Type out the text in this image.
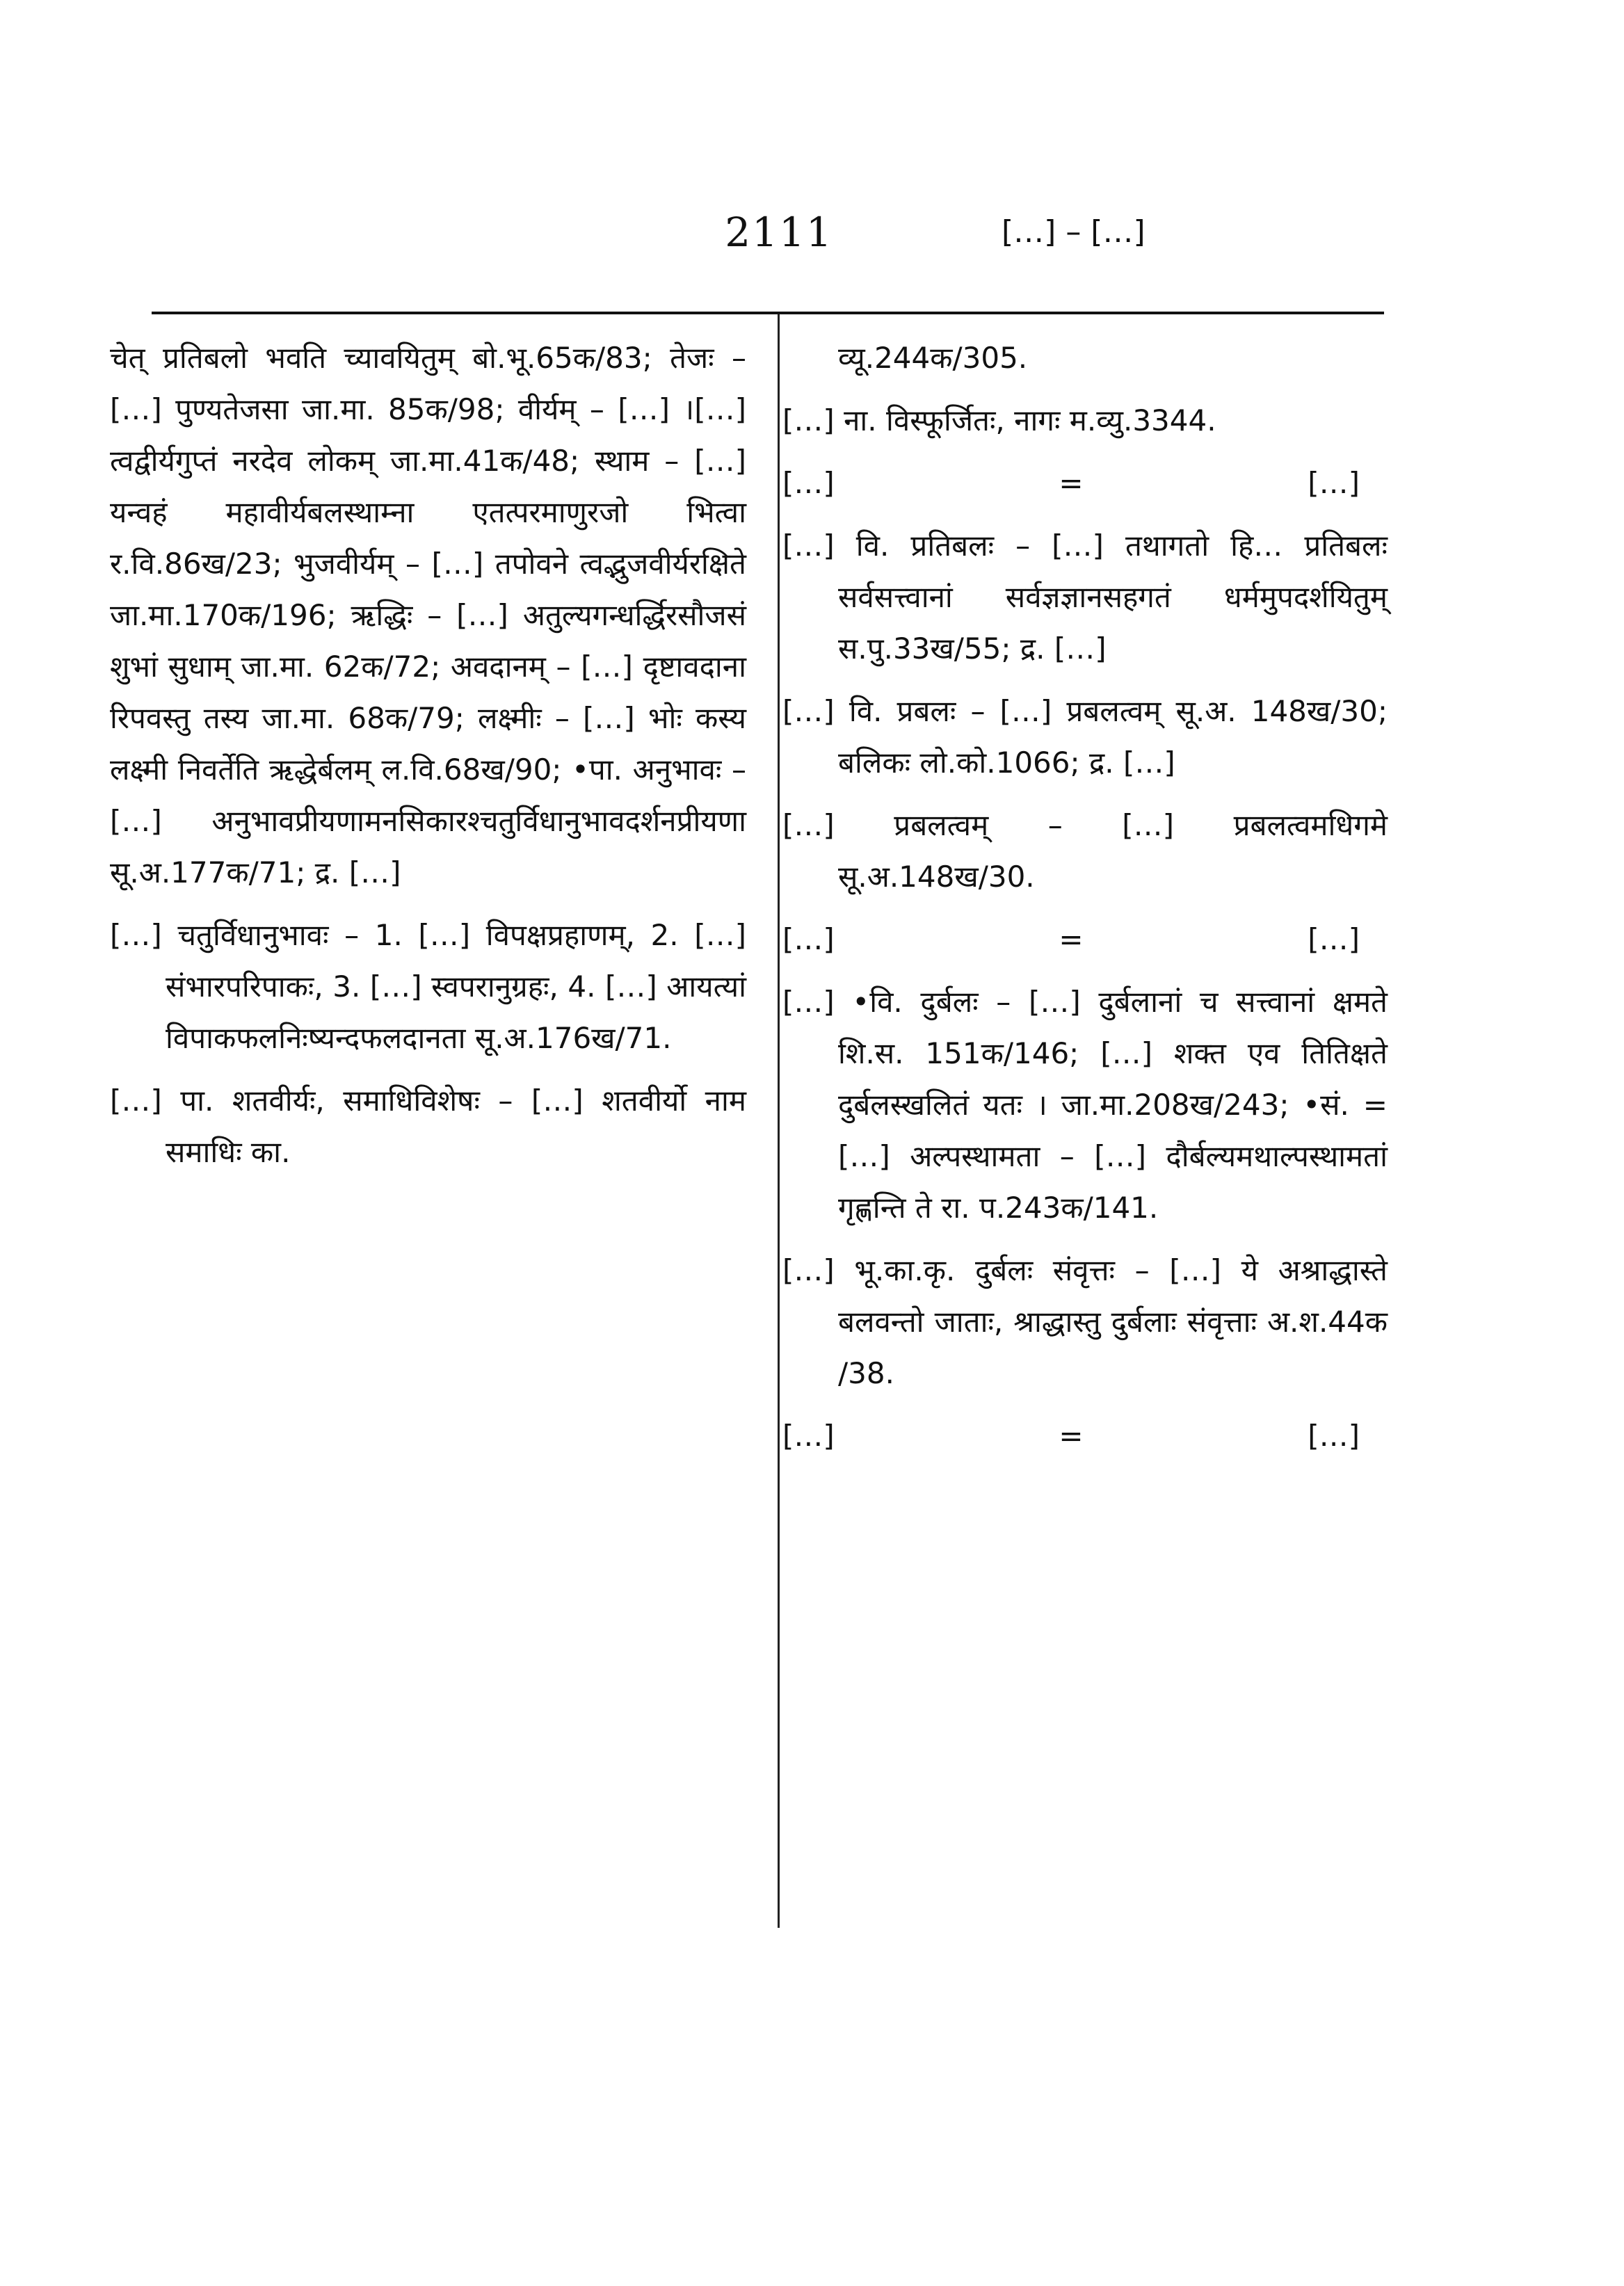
2111	[…] – […]
चेत् प्रतिबलो भवति च्यावयितुम् बो.भू.65क/83; तेजः – […] पुण्यतेजसा जा.मा. 85क/98; वीर्यम् – […] ।[…] त्वद्वीर्यगुप्तं नरदेव लोकम् जा.मा.41क/48; स्थाम – […] यन्वहं महावीर्यबलस्थाम्ना एतत्परमाणुरजो भित्वा र.वि.86ख/23; भुजवीर्यम् – […] तपोवने त्वद्भुजवीर्यरक्षिते जा.मा.170क/196; ऋद्धिः – […] अतुल्यगन्धर्द्धिरसौजसं शुभां सुधाम् जा.मा. 62क/72; अवदानम् – […] दृष्टावदाना रिपवस्तु तस्य जा.मा. 68क/79; लक्ष्मीः – […] भोः कस्य लक्ष्मी निवर्तेति ऋद्धेर्बलम् ल.वि.68ख/90; •पा. अनुभावः – […] अनुभावप्रीयणामनसिकारश्चतुर्विधानुभावदर्शनप्रीयणा सू.अ.177क/71; द्र. […]
[…] चतुर्विधानुभावः – 1. […] विपक्षप्रहाणम्, 2. […] संभारपरिपाकः, 3. […] स्वपरानुग्रहः, 4. […] आयत्यां विपाकफलनिःष्यन्दफलदानता सू.अ.176ख/71.
[…] पा. शतवीर्यः, समाधिविशेषः – […] शतवीर्यो नाम समाधिः का.
व्यू.244क/305.
[…] ना. विस्फूर्जितः, नागः म.व्यु.3344.
[…]	=	[…]
[…] वि. प्रतिबलः – […] तथागतो हि… प्रतिबलः सर्वसत्त्वानां सर्वज्ञज्ञानसहगतं धर्ममुपदर्शयितुम् स.पु.33ख/55; द्र. […]
[…] वि. प्रबलः – […] प्रबलत्वम् सू.अ. 148ख/30; बलिकः लो.को.1066; द्र. […]
[…] प्रबलत्वम् – […] प्रबलत्वमधिगमे सू.अ.148ख/30.
[…]	=	[…]
[…] •वि. दुर्बलः – […] दुर्बलानां च सत्त्वानां क्षमते शि.स. 151क/146; […] शक्त एव तितिक्षते दुर्बलस्खलितं यतः । जा.मा.208ख/243; •सं. = […] अल्पस्थामता – […] दौर्बल्यमथाल्पस्थामतां गृह्णन्ति ते रा. प.243क/141.
[…] भू.का.कृ. दुर्बलः संवृत्तः – […] ये अश्राद्धास्ते बलवन्तो जाताः, श्राद्धास्तु दुर्बलाः संवृत्ताः अ.श.44क /38.
[…]	=	[…]
